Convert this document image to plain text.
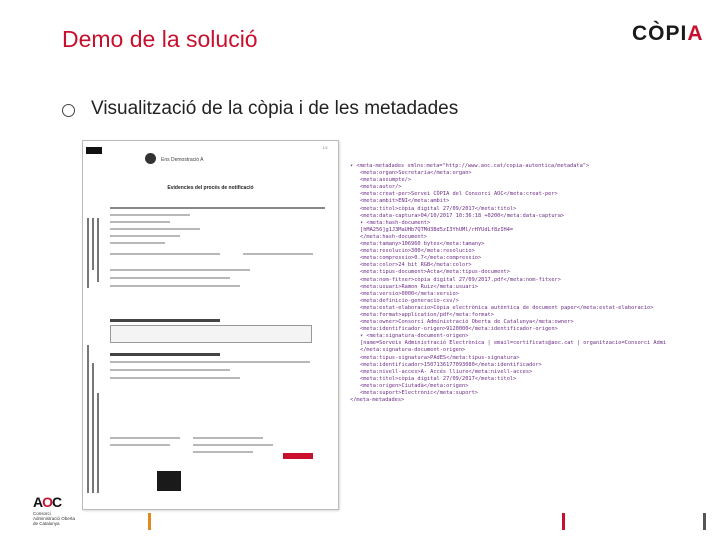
Demo de la solució	CÒPIA
Visualització de la còpia i de les metadades
1/1
Ens Demostració A
Evidencies del procés de notificació
▾ <meta-metadades xmlns:meta="http://www.aoc.cat/copia-autentica/metadata">
<meta:organ>Secretaria</meta:organ>
<meta:assumpte/>
<meta:autor/>
<meta:creat-per>Servei CÒPIA del Consorci AOC</meta:creat-per>
<meta:ambit>ENI</meta:ambit>
<meta:titol>còpia digital 27/09/2017</meta:titol>
<meta:data-captura>04/10/2017 10:36:18 +0200</meta:data-captura>
▾ <meta:hash-document>
[hMA256]g1J3MaUHb7QTMd3Bd5zI3YhUMl/rHYUdLf8zIH4=
</meta:hash-document>
<meta:tamany>106960 bytes</meta:tamany>
<meta:resolucio>300</meta:resolucio>
<meta:compressio>0.7</meta:compressio>
<meta:color>24 bit RGB</meta:color>
<meta:tipus-document>Acta</meta:tipus-document>
<meta:nom-fitxer>còpia digital 27/09/2017.pdf</meta:nom-fitxer>
<meta:usuari>Ramon Ruiz</meta:usuari>
<meta:versio>0000</meta:versio>
<meta:definicio-generacio-csv/>
<meta:estat-elaboracio>Còpia electrònica autèntica de document paper</meta:estat-elaboracio>
<meta:format>application/pdf</meta:format>
<meta:owner>Consorci Administració Oberta de Catalunya</meta:owner>
<meta:identificador-origen>9120000</meta:identificador-origen>
▾ <meta:signatura-document-origen>
[name=Serveis Administració Electrònica | email=certificats@aoc.cat | organitzacio=Consorci Admi
</meta:signatura-document-origen>
<meta:tipus-signatura>PAdES</meta:tipus-signatura>
<meta:identificador>1507136177093080</meta:identificador>
<meta:nivell-acces>A- Accés lliure</meta:nivell-acces>
<meta:titol>còpia digital 27/09/2017</meta:titol>
<meta:origen>Ciutadà</meta:origen>
<meta:suport>Electrònic</meta:suport>
</meta-metadades>
AOC
Consorci
Administració Oberta
de Catalunya
